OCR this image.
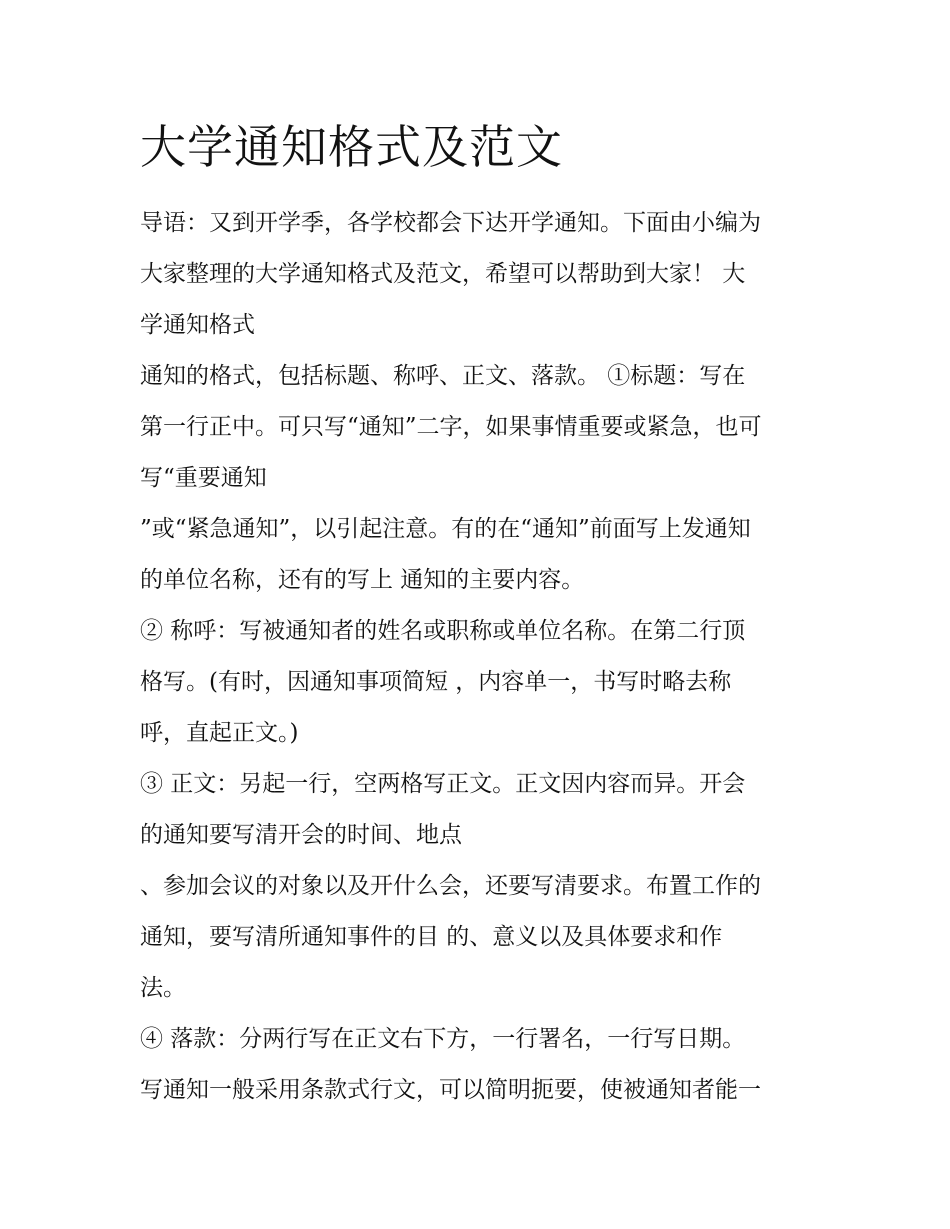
大学通知格式及范文
导语：又到开学季，各学校都会下达开学通知。下面由小编为
大家整理的大学通知格式及范文，希望可以帮助到大家！ 大
学通知格式
通知的格式，包括标题、称呼、正文、落款。 ①标题：写在
第一行正中。可只写“通知”二字，如果事情重要或紧急，也可
写“重要通知
”或“紧急通知”，以引起注意。有的在“通知”前面写上发通知
的单位名称，还有的写上 通知的主要内容。
② 称呼：写被通知者的姓名或职称或单位名称。在第二行顶
格写。(有时，因通知事项简短 ，内容单一，书写时略去称
呼，直起正文。)
③ 正文：另起一行，空两格写正文。正文因内容而异。开会
的通知要写清开会的时间、地点
、参加会议的对象以及开什么会，还要写清要求。布置工作的
通知，要写清所通知事件的目 的、意义以及具体要求和作
法。
④ 落款：分两行写在正文右下方，一行署名，一行写日期。
写通知一般采用条款式行文，可以简明扼要，使被通知者能一
